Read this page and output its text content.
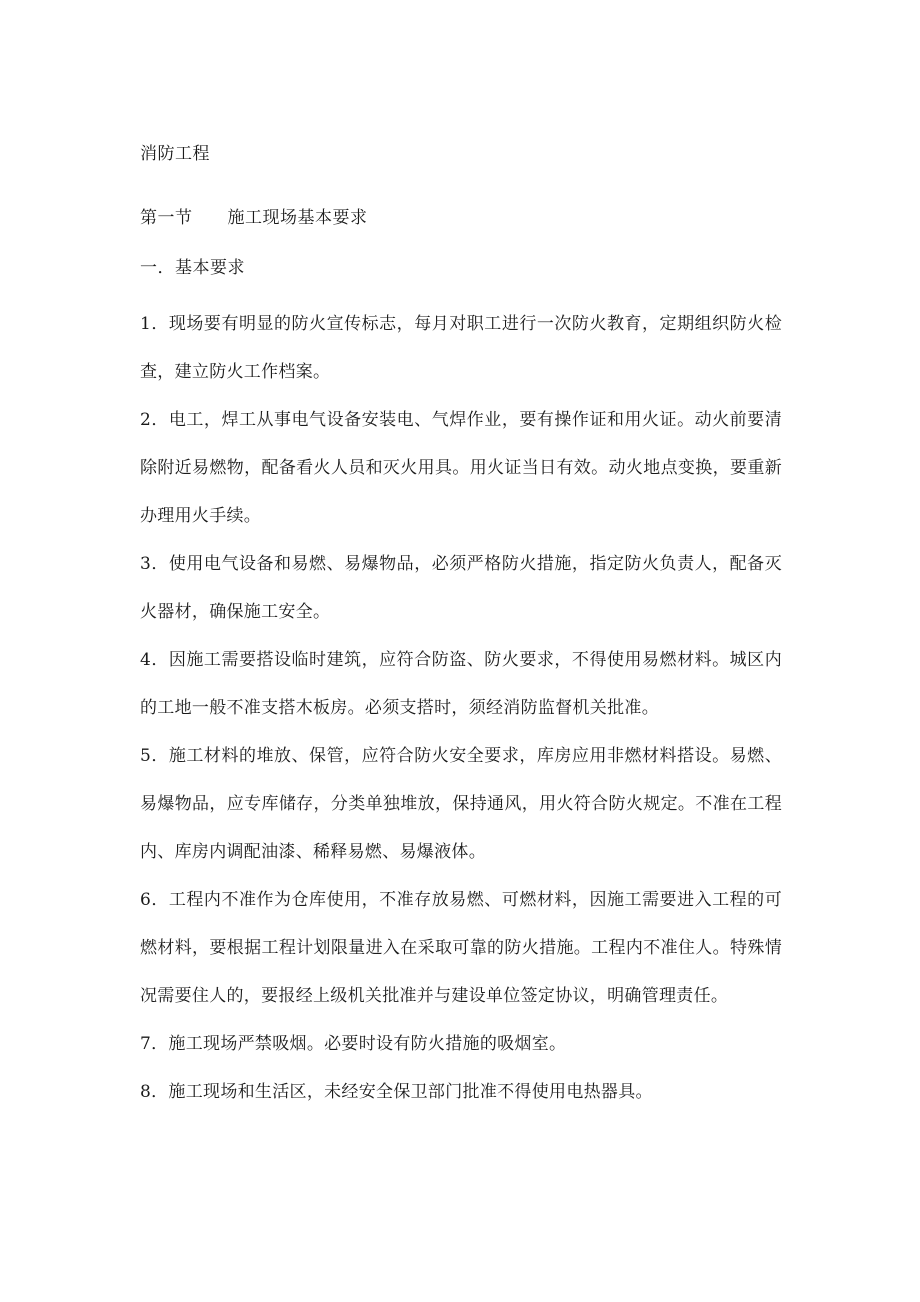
消防工程
第一节　　施工现场基本要求
一．基本要求

1．现场要有明显的防火宣传标志，每月对职工进行一次防火教育，定期组织防火检查，建立防火工作档案。

2．电工，焊工从事电气设备安装电、气焊作业，要有操作证和用火证。动火前要清除附近易燃物，配备看火人员和灭火用具。用火证当日有效。动火地点变换，要重新办理用火手续。

3．使用电气设备和易燃、易爆物品，必须严格防火措施，指定防火负责人，配备灭火器材，确保施工安全。

4．因施工需要搭设临时建筑，应符合防盗、防火要求，不得使用易燃材料。城区内的工地一般不准支搭木板房。必须支搭时，须经消防监督机关批准。

5．施工材料的堆放、保管，应符合防火安全要求，库房应用非燃材料搭设。易燃、易爆物品，应专库储存，分类单独堆放，保持通风，用火符合防火规定。不准在工程内、库房内调配油漆、稀释易燃、易爆液体。

6．工程内不准作为仓库使用，不准存放易燃、可燃材料，因施工需要进入工程的可燃材料，要根据工程计划限量进入在采取可靠的防火措施。工程内不准住人。特殊情况需要住人的，要报经上级机关批准并与建设单位签定协议，明确管理责任。

7．施工现场严禁吸烟。必要时设有防火措施的吸烟室。

8．施工现场和生活区，未经安全保卫部门批准不得使用电热器具。
